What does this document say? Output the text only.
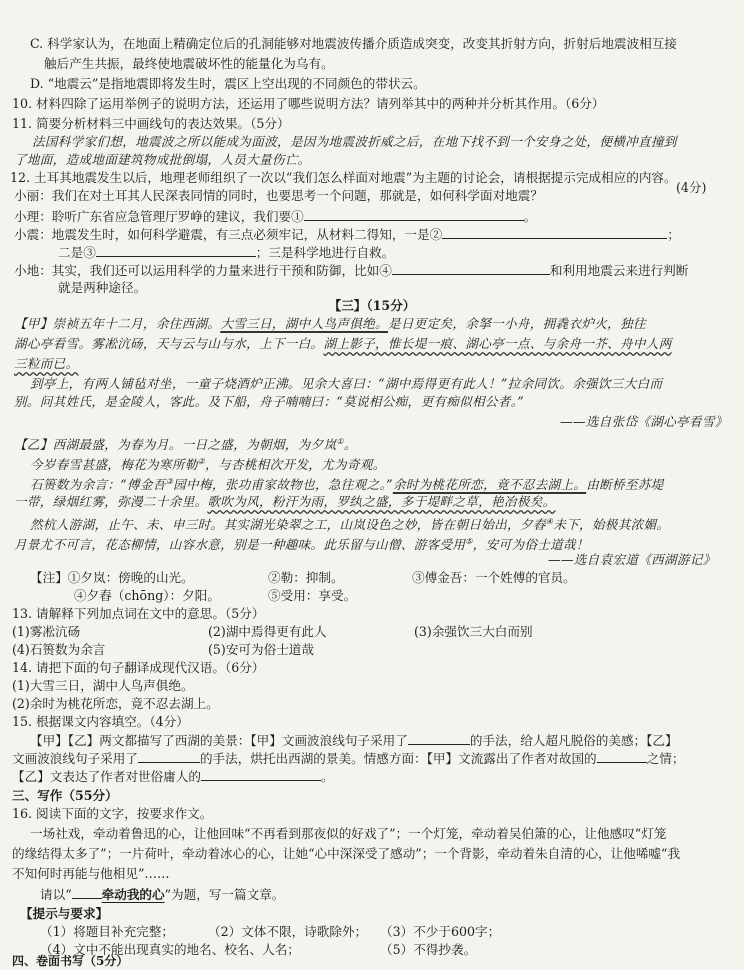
C. 科学家认为，在地面上精确定位后的孔洞能够对地震波传播介质造成突变，改变其折射方向，折射后地震波相互接
触后产生共振，最终使地震破坏性的能量化为乌有。
D. “地震云”是指地震即将发生时，震区上空出现的不同颜色的带状云。
10. 材料四除了运用举例子的说明方法，还运用了哪些说明方法？请列举其中的两种并分析其作用。（6分）
11. 简要分析材料三中画线句的表达效果。（5分）
法国科学家们想，地震波之所以能成为面波，是因为地震波折威之后，在地下找不到一个安身之处，便横冲直撞到
了地面，造成地面建筑物成批倒塌，人员大量伤亡。
12. 土耳其地震发生以后，地理老师组织了一次以“我们怎么样面对地震”为主题的讨论会，请根据提示完成相应的内容。
(4分)
小丽：我们在对土耳其人民深表同情的同时，也要思考一个问题，那就是，如何科学面对地震？
小理：聆听广东省应急管理厅罗峥的建议，我们要①	。
小震：地震发生时，如何科学避震，有三点必须牢记，从材料二得知，一是②	；
二是③	；三是科学地进行自救。
小地：其实，我们还可以运用科学的力量来进行干预和防御，比如④	和利用地震云来进行判断
就是两种途径。
【三】（15分）
【甲】崇祯五年十二月，余住西湖。大雪三日，湖中人鸟声俱绝。是日更定矣，余拏一小舟，拥毳衣炉火，独往
湖心亭看雪。雾凇沆砀，天与云与山与水，上下一白。湖上影子，惟长堤一痕、湖心亭一点、与余舟一芥、舟中人两
三粒而已。
到亭上，有两人铺毡对坐，一童子烧酒炉正沸。见余大喜曰：“湖中焉得更有此人！”拉余同饮。余强饮三大白而
别。问其姓氏，是金陵人，客此。及下船，舟子喃喃曰：“莫说相公痴，更有痴似相公者。”
——选自张岱《湖心亭看雪》
【乙】西湖最盛，为春为月。一日之盛，为朝烟，为夕岚①。
今岁春雪甚盛，梅花为寒所勒②，与杏桃相次开发，尤为奇观。
石篑数为余言：“傅金吾③园中梅，张功甫家故物也，急往观之。”余时为桃花所恋，竟不忍去湖上。由断桥至苏堤
一带，绿烟红雾，弥漫二十余里。歌吹为风，粉汗为雨，罗纨之盛，多于堤畔之草，艳冶极矣。
然杭人游湖，止午、未、申三时。其实湖光染翠之工，山岚设色之妙，皆在朝日始出，夕舂④未下，始极其浓媚。
月景尤不可言，花态柳情，山容水意，别是一种趣味。此乐留与山僧、游客受用⑤，安可为俗士道哉！
——选自袁宏道《西湖游记》
【注】①夕岚：傍晚的山光。	②勒：抑制。	③傅金吾：一个姓傅的官员。
④夕舂（chōng）：夕阳。	⑤受用：享受。
13. 请解释下列加点词在文中的意思。（5分）
(1)雾凇沆砀	(2)湖中焉得更有此人	(3)余强饮三大白而别
(4)石篑数为余言	(5)安可为俗士道哉
14. 请把下面的句子翻译成现代汉语。（6分）
(1)大雪三日，湖中人鸟声俱绝。
(2)余时为桃花所恋，竟不忍去湖上。
15. 根据课文内容填空。（4分）
【甲】【乙】两文都描写了西湖的美景：【甲】文画波浪线句子采用了	的手法，给人超凡脱俗的美感；【乙】
文画波浪线句子采用了	的手法，烘托出西湖的景美。情感方面：【甲】文流露出了作者对故国的	之情；
【乙】文表达了作者对世俗庸人的	。
三、写作（55分）
16. 阅读下面的文字，按要求作文。
一场社戏，牵动着鲁迅的心，让他回味“不再看到那夜似的好戏了”；一个灯笼，牵动着吴伯箫的心，让他感叹“灯笼
的缘结得太多了”；一片荷叶，牵动着冰心的心，让她“心中深深受了感动”；一个背影，牵动着朱自清的心，让他唏嘘“我
不知何时再能与他相见”……
请以“ 牵动我的心”为题，写一篇文章。
【提示与要求】
（1）将题目补充完整；	（2）文体不限，诗歌除外； （3）不少于600字；
（4）文中不能出现真实的地名、校名、人名；	（5）不得抄袭。
四、卷面书写（5分）
